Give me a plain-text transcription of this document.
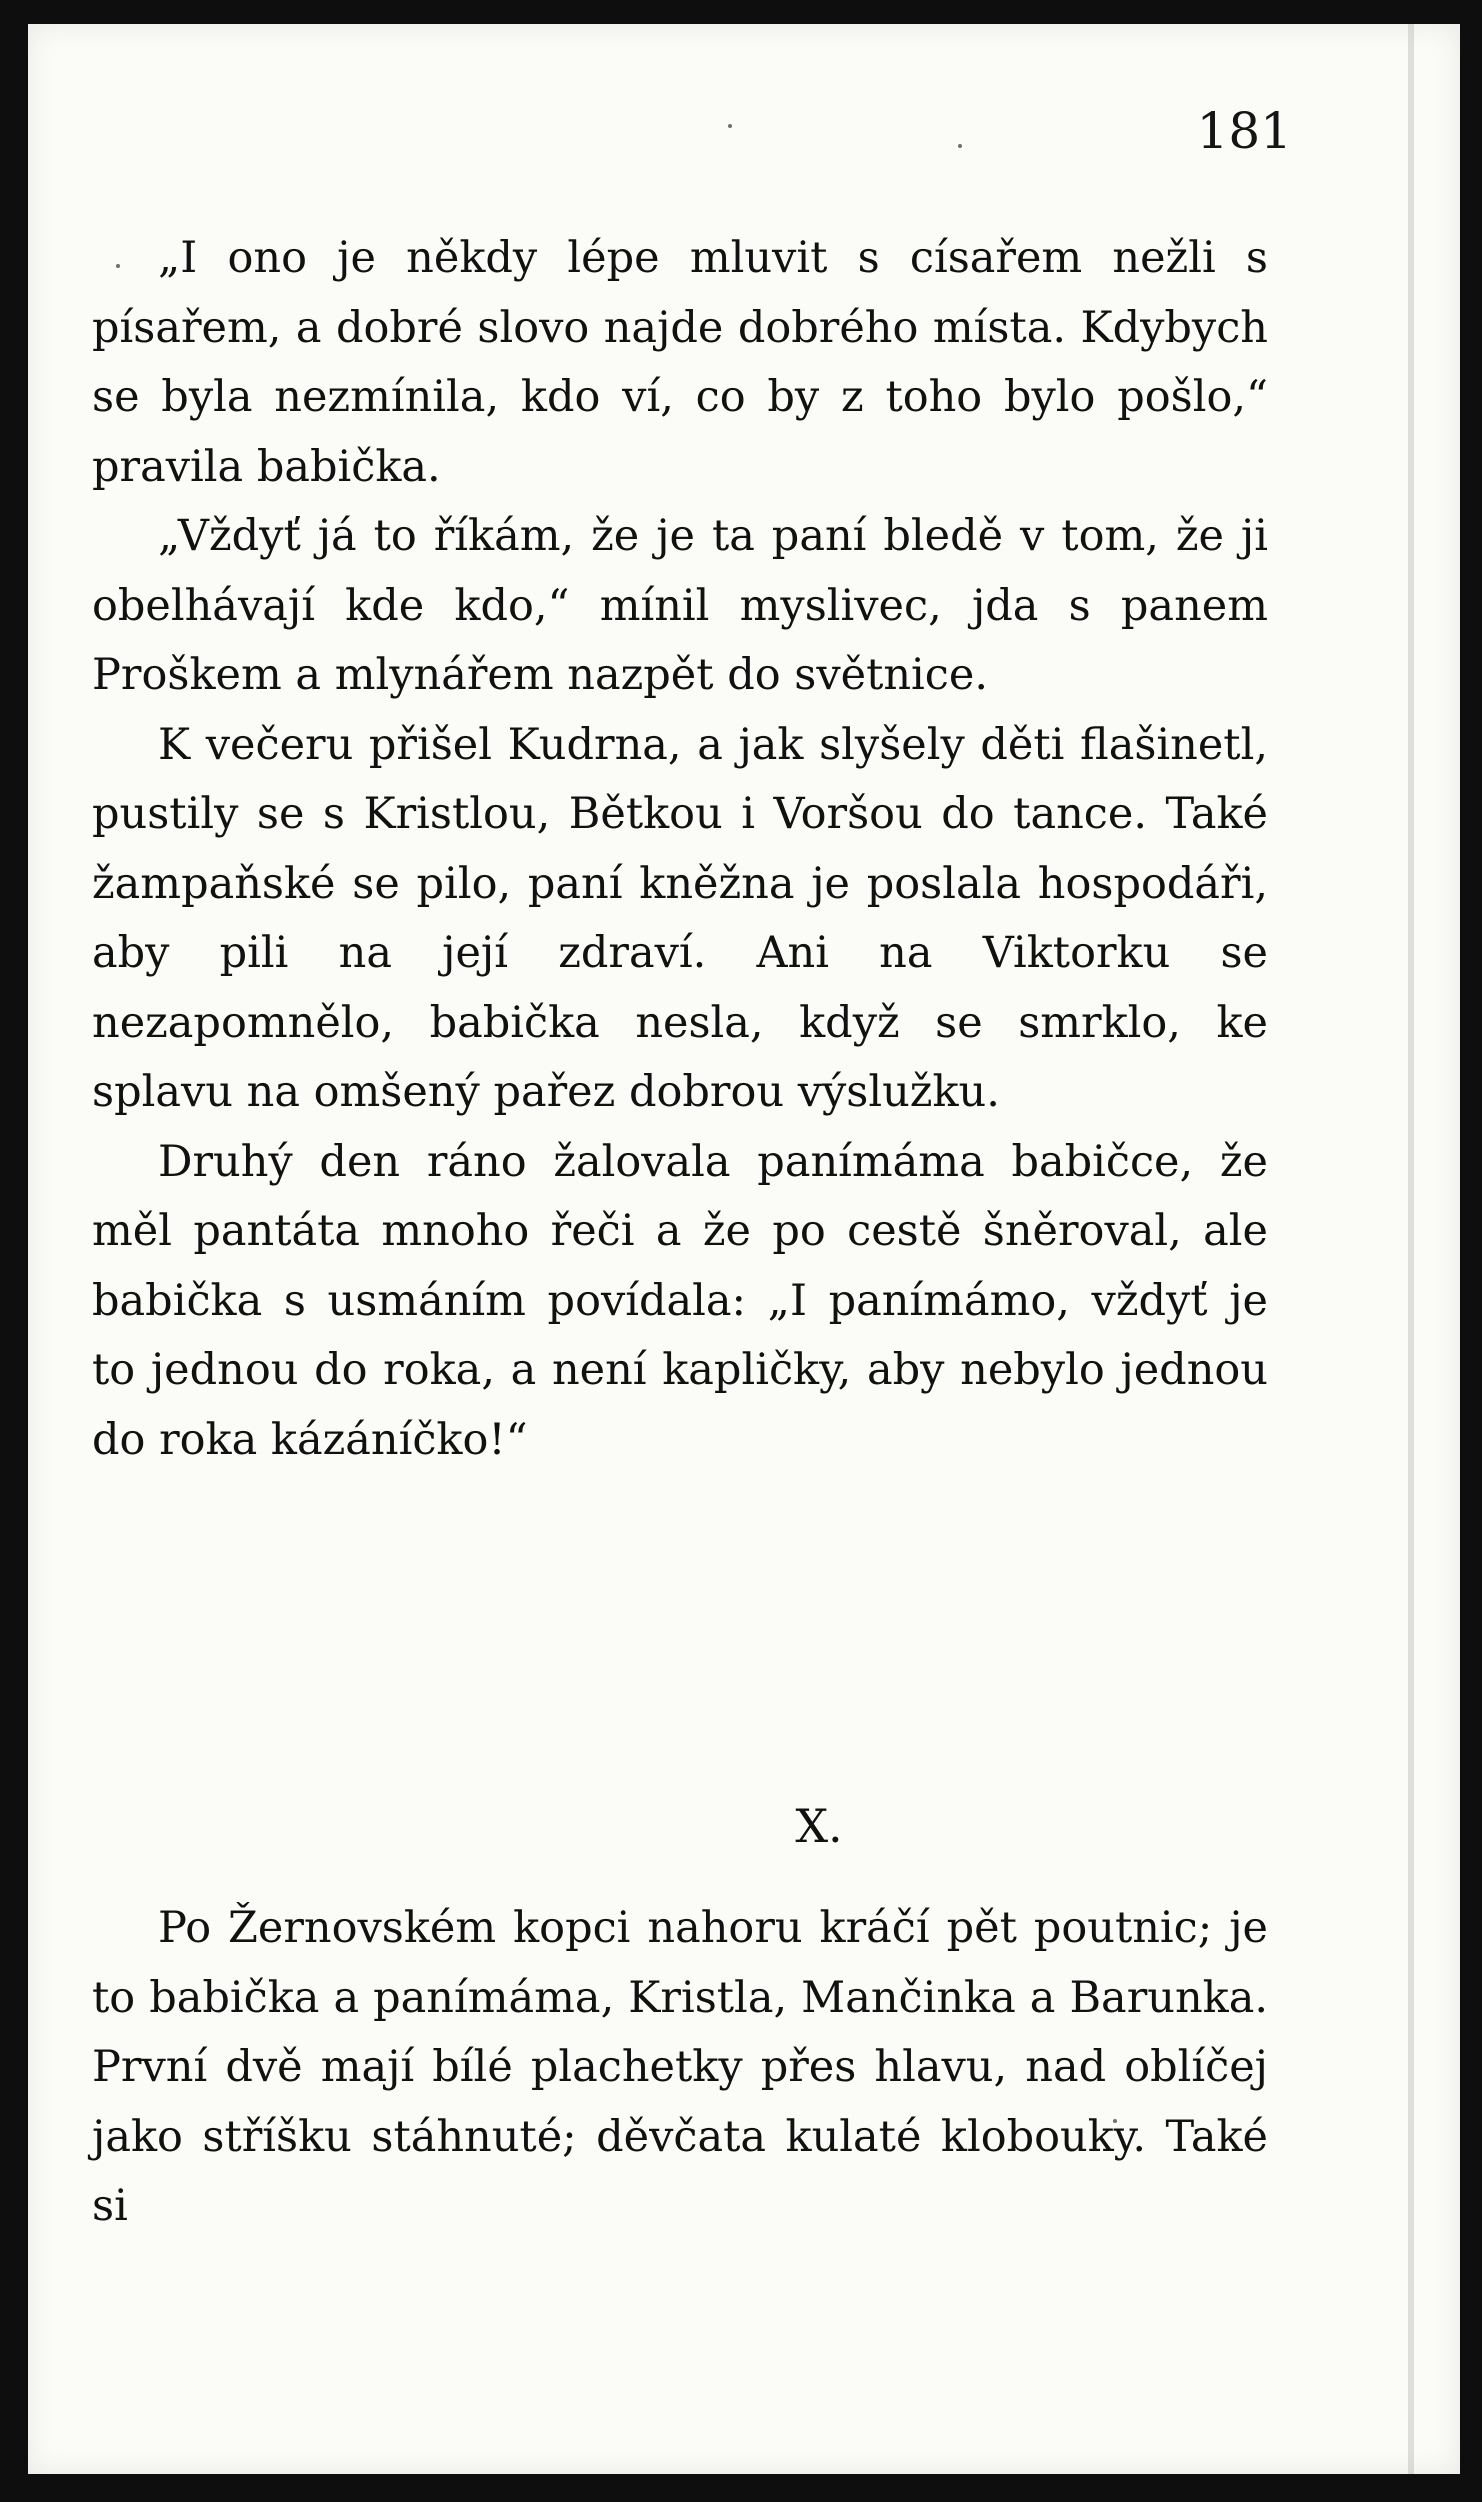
181

„I ono je někdy lépe mluvit s císařem nežli s písařem, a dobré slovo najde dobrého místa. Kdybych se byla nezmínila, kdo ví, co by z toho bylo pošlo,“ pravila babička.

„Vždyť já to říkám, že je ta paní bledě v tom, že ji obelhávají kde kdo,“ mínil myslivec, jda s panem Proškem a mlynářem nazpět do světnice.

K večeru přišel Kudrna, a jak slyšely děti flašinetl, pustily se s Kristlou, Bětkou i Voršou do tance. Také žampaňské se pilo, paní kněžna je poslala hospodáři, aby pili na její zdraví. Ani na Viktorku se nezapomnělo, babička nesla, když se smrklo, ke splavu na omšený pařez dobrou výslužku.

Druhý den ráno žalovala panímáma babičce, že měl pantáta mnoho řeči a že po cestě šněroval, ale babička s usmáním povídala: „I panímámo, vždyť je to jednou do roka, a není kapličky, aby nebylo jednou do roka kázáníčko!“

X.

Po Žernovském kopci nahoru kráčí pět poutnic; je to babička a panímáma, Kristla, Mančinka a Barunka. První dvě mají bílé plachetky přes hlavu, nad oblíčej jako stříšku stáhnuté; děvčata kulaté klobouky. Také si
